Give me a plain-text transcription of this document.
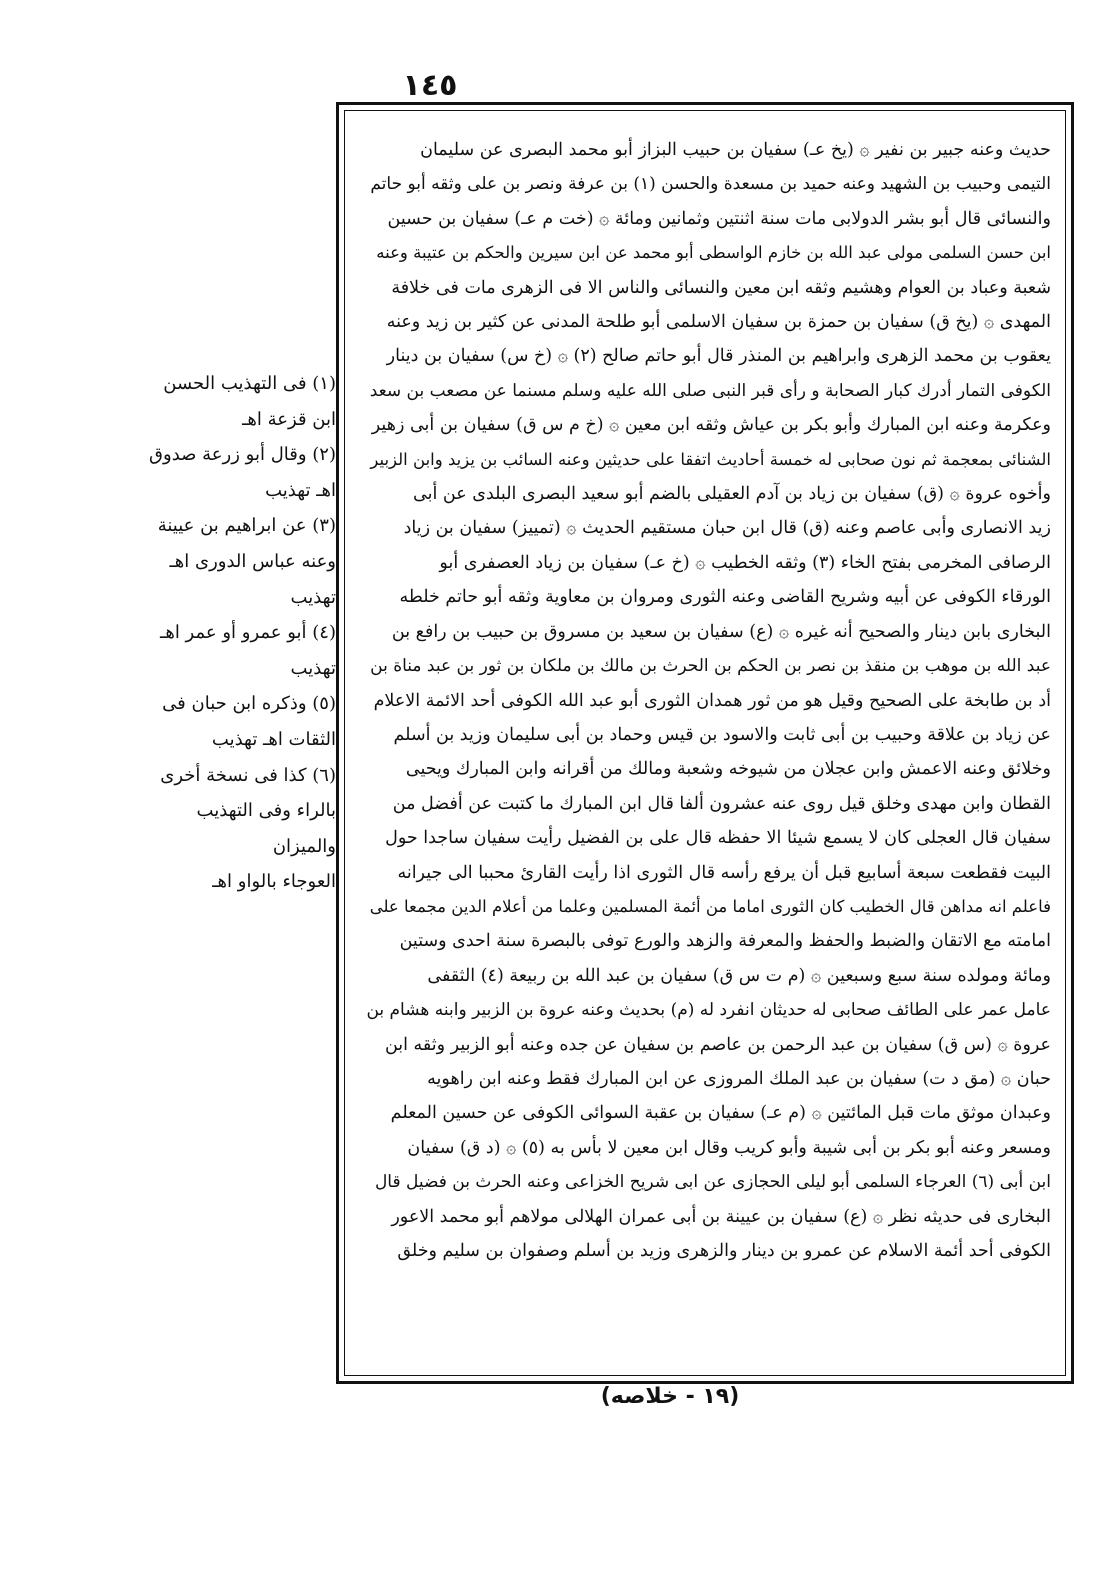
١٤٥
(١) فى التهذيب الحسن
ابن قزعة اهـ
(٢) وقال أبو زرعة صدوق
اهـ تهذيب
(٣) عن ابراهيم بن عيينة
وعنه عباس الدورى اهـ
تهذيب
(٤) أبو عمرو أو عمر اهـ
تهذيب
(٥) وذكره ابن حبان فى
الثقات اهـ تهذيب
(٦) كذا فى نسخة أخرى
بالراء وفى التهذيب والميزان
العوجاء بالواو اهـ

حديث وعنه جبير بن نفير ۞ (يخ عـ) سفيان بن حبيب البزاز أبو محمد البصرى عن سليمان
التيمى وحبيب بن الشهيد وعنه حميد بن مسعدة والحسن (١) بن عرفة ونصر بن على وثقه أبو حاتم
والنسائى قال أبو بشر الدولابى مات سنة اثنتين وثمانين ومائة ۞ (خت م عـ) سفيان بن حسين
ابن حسن السلمى مولى عبد الله بن خازم الواسطى أبو محمد عن ابن سيرين والحكم بن عتيبة وعنه
شعبة وعباد بن العوام وهشيم وثقه ابن معين والنسائى والناس الا فى الزهرى مات فى خلافة
المهدى ۞ (يخ ق) سفيان بن حمزة بن سفيان الاسلمى أبو طلحة المدنى عن كثير بن زيد وعنه
يعقوب بن محمد الزهرى وابراهيم بن المنذر قال أبو حاتم صالح (٢) ۞ (خ س) سفيان بن دينار
الكوفى التمار أدرك كبار الصحابة و رأى قبر النبى صلى الله عليه وسلم مسنما عن مصعب بن سعد
وعكرمة وعنه ابن المبارك وأبو بكر بن عياش وثقه ابن معين ۞ (خ م س ق) سفيان بن أبى زهير
الشنائى بمعجمة ثم نون صحابى له خمسة أحاديث اتفقا على حديثين وعنه السائب بن يزيد وابن الزبير
وأخوه عروة ۞ (ق) سفيان بن زياد بن آدم العقيلى بالضم أبو سعيد البصرى البلدى عن أبى
زيد الانصارى وأبى عاصم وعنه (ق) قال ابن حبان مستقيم الحديث ۞ (تمييز) سفيان بن زياد
الرصافى المخرمى بفتح الخاء (٣) وثقه الخطيب ۞ (خ عـ) سفيان بن زياد العصفرى أبو
الورقاء الكوفى عن أبيه وشريح القاضى وعنه الثورى ومروان بن معاوية وثقه أبو حاتم خلطه
البخارى بابن دينار والصحيح أنه غيره ۞ (ع) سفيان بن سعيد بن مسروق بن حبيب بن رافع بن
عبد الله بن موهب بن منقذ بن نصر بن الحكم بن الحرث بن مالك بن ملكان بن ثور بن عبد مناة بن
أد بن طابخة على الصحيح وقيل هو من ثور همدان الثورى أبو عبد الله الكوفى أحد الائمة الاعلام
عن زياد بن علاقة وحبيب بن أبى ثابت والاسود بن قيس وحماد بن أبى سليمان وزيد بن أسلم
وخلائق وعنه الاعمش وابن عجلان من شيوخه وشعبة ومالك من أقرانه وابن المبارك ويحيى
القطان وابن مهدى وخلق قيل روى عنه عشرون ألفا قال ابن المبارك ما كتبت عن أفضل من
سفيان قال العجلى كان لا يسمع شيئا الا حفظه قال على بن الفضيل رأيت سفيان ساجدا حول
البيت فقطعت سبعة أسابيع قبل أن يرفع رأسه قال الثورى اذا رأيت القارئ محببا الى جيرانه
فاعلم انه مداهن قال الخطيب كان الثورى اماما من أئمة المسلمين وعلما من أعلام الدين مجمعا على
امامته مع الاتقان والضبط والحفظ والمعرفة والزهد والورع توفى بالبصرة سنة احدى وستين
ومائة ومولده سنة سبع وسبعين ۞ (م ت س ق) سفيان بن عبد الله بن ربيعة (٤) الثقفى
عامل عمر على الطائف صحابى له حديثان انفرد له (م) بحديث وعنه عروة بن الزبير وابنه هشام بن
عروة ۞ (س ق) سفيان بن عبد الرحمن بن عاصم بن سفيان عن جده وعنه أبو الزبير وثقه ابن
حبان ۞ (مق د ت) سفيان بن عبد الملك المروزى عن ابن المبارك فقط وعنه ابن راهويه
وعبدان موثق مات قبل المائتين ۞ (م عـ) سفيان بن عقبة السوائى الكوفى عن حسين المعلم
ومسعر وعنه أبو بكر بن أبى شيبة وأبو كريب وقال ابن معين لا بأس به (٥) ۞ (د ق) سفيان
ابن أبى (٦) العرجاء السلمى أبو ليلى الحجازى عن ابى شريح الخزاعى وعنه الحرث بن فضيل قال
البخارى فى حديثه نظر ۞ (ع) سفيان بن عيينة بن أبى عمران الهلالى مولاهم أبو محمد الاعور
الكوفى أحد أئمة الاسلام عن عمرو بن دينار والزهرى وزيد بن أسلم وصفوان بن سليم وخلق

(١٩ - خلاصه)
